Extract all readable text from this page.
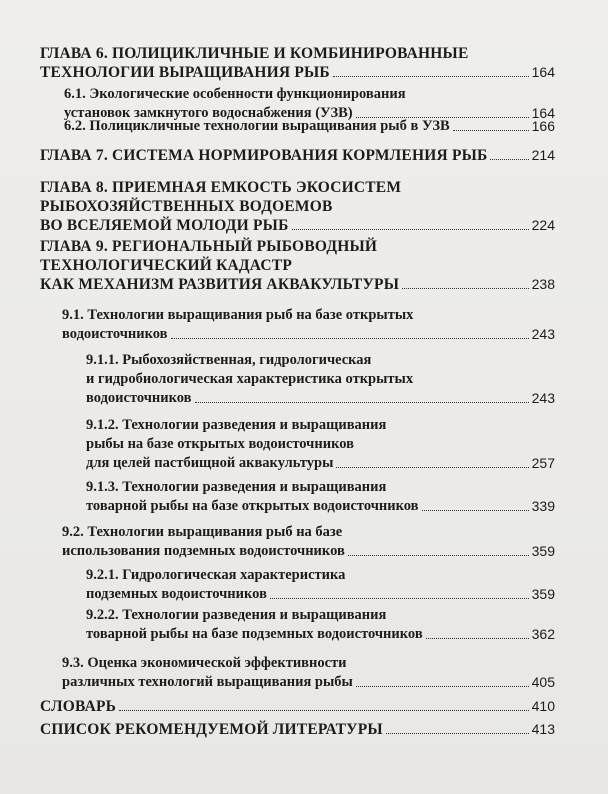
ГЛАВА 6. ПОЛИЦИКЛИЧНЫЕ И КОМБИНИРОВАННЫЕ
ТЕХНОЛОГИИ ВЫРАЩИВАНИЯ РЫБ	164
6.1. Экологические особенности функционирования
установок замкнутого водоснабжения (УЗВ)	164
6.2. Полицикличные технологии выращивания рыб в УЗВ	166
ГЛАВА 7. СИСТЕМА НОРМИРОВАНИЯ КОРМЛЕНИЯ РЫБ	214
ГЛАВА 8. ПРИЕМНАЯ ЕМКОСТЬ ЭКОСИСТЕМ
РЫБОХОЗЯЙСТВЕННЫХ ВОДОЕМОВ
ВО ВСЕЛЯЕМОЙ МОЛОДИ РЫБ	224
ГЛАВА 9. РЕГИОНАЛЬНЫЙ РЫБОВОДНЫЙ
ТЕХНОЛОГИЧЕСКИЙ КАДАСТР
КАК МЕХАНИЗМ РАЗВИТИЯ АКВАКУЛЬТУРЫ	238
9.1. Технологии выращивания рыб на базе открытых
водоисточников	243
9.1.1. Рыбохозяйственная, гидрологическая
и гидробиологическая характеристика открытых
водоисточников	243
9.1.2. Технологии разведения и выращивания
рыбы на базе открытых водоисточников
для целей пастбищной аквакультуры	257
9.1.3. Технологии разведения и выращивания
товарной рыбы на базе открытых водоисточников	339
9.2. Технологии выращивания рыб на базе
использования подземных водоисточников	359
9.2.1. Гидрологическая характеристика
подземных водоисточников	359
9.2.2. Технологии разведения и выращивания
товарной рыбы на базе подземных водоисточников	362
9.3. Оценка экономической эффективности
различных технологий выращивания рыбы	405
СЛОВАРЬ	410
СПИСОК РЕКОМЕНДУЕМОЙ ЛИТЕРАТУРЫ	413
